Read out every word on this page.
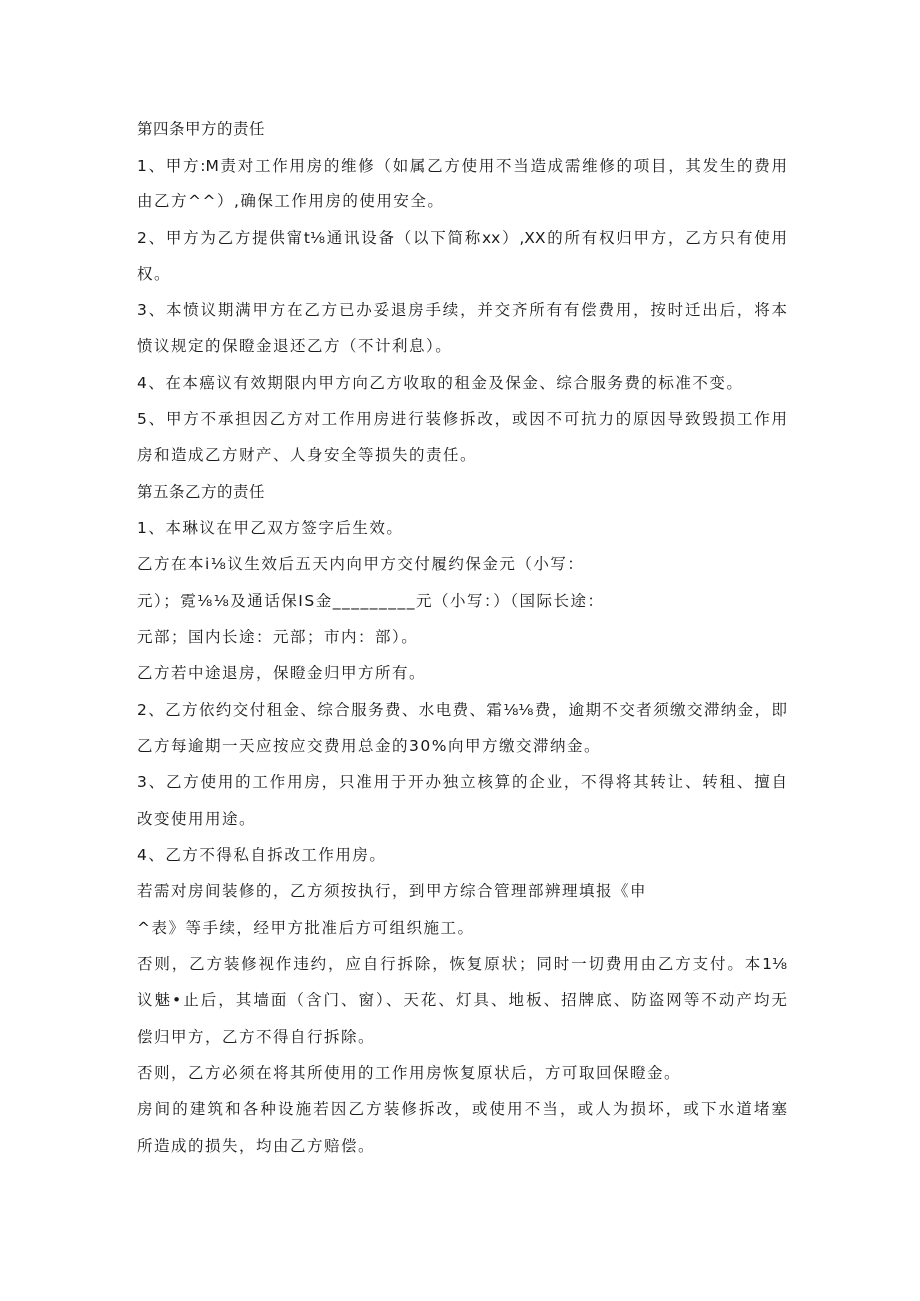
第四条甲方的责任

1、甲方:M责对工作用房的维修（如属乙方使用不当造成需维修的项目，其发生的费用

由乙方^^）,确保工作用房的使用安全。

2、甲方为乙方提供甯t⅛通讯设备（以下简称xx）,XX的所有权归甲方，乙方只有使用

权。

3、本愤议期满甲方在乙方已办妥退房手续，并交齐所有有偿费用，按时迁出后，将本

愤议规定的保瞪金退还乙方（不计利息）。

4、在本癌议有效期限内甲方向乙方收取的租金及保金、综合服务费的标准不变。

5、甲方不承担因乙方对工作用房进行装修拆改，或因不可抗力的原因导致毁损工作用

房和造成乙方财产、人身安全等损失的责任。

第五条乙方的责任

1、本琳议在甲乙双方签字后生效。

乙方在本i⅛议生效后五天内向甲方交付履约保金元（小写：

元）；霓⅛⅛及通话保IS金_________元（小写：）（国际长途：

元部；国内长途：元部；市内：部）。

乙方若中途退房，保瞪金归甲方所有。

2、乙方依约交付租金、综合服务费、水电费、霜⅛⅛费，逾期不交者须缴交滞纳金，即

乙方每逾期一天应按应交费用总金的30%向甲方缴交滞纳金。

3、乙方使用的工作用房，只准用于开办独立核算的企业，不得将其转让、转租、擅自

改变使用用途。

4、乙方不得私自拆改工作用房。

若需对房间装修的，乙方须按执行，到甲方综合管理部辨理填报《申

^表》等手续，经甲方批准后方可组织施工。

否则，乙方装修视作违约，应自行拆除，恢复原状；同时一切费用由乙方支付。本1⅛

议魅•止后，其墙面（含门、窗）、天花、灯具、地板、招牌底、防盗网等不动产均无

偿归甲方，乙方不得自行拆除。

否则，乙方必须在将其所使用的工作用房恢复原状后，方可取回保瞪金。

房间的建筑和各种设施若因乙方装修拆改，或使用不当，或人为损坏，或下水道堵塞

所造成的损失，均由乙方赔偿。
